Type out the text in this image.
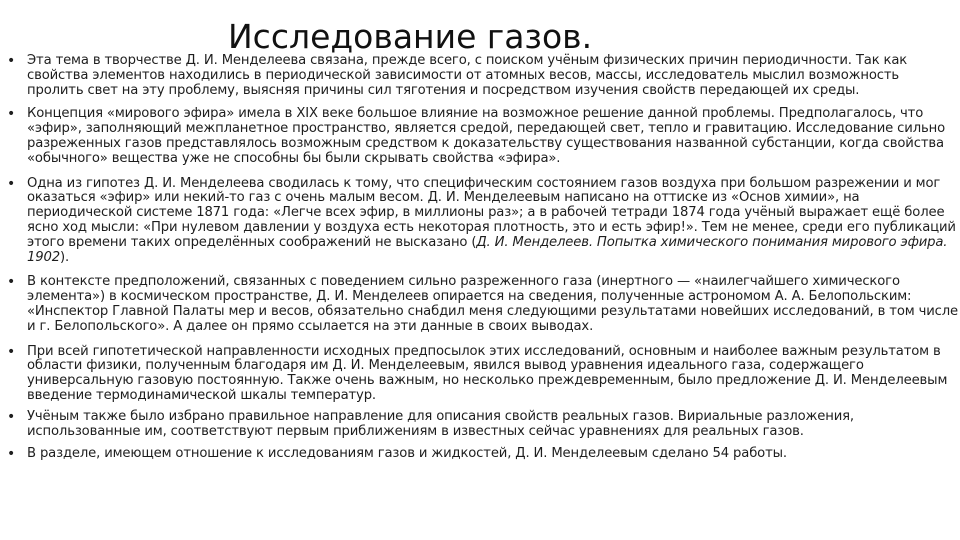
Исследование газов.
• Эта тема в творчестве Д. И. Менделеева связана, прежде всего, с поиском учёным физических причин периодичности. Так как свойства элементов находились в периодической зависимости от атомных весов, массы, исследователь мыслил возможность пролить свет на эту проблему, выясняя причины сил тяготения и посредством изучения свойств передающей их среды.
• Концепция «мирового эфира» имела в XIX веке большое влияние на возможное решение данной проблемы. Предполагалось, что «эфир», заполняющий межпланетное пространство, является средой, передающей свет, тепло и гравитацию. Исследование сильно разреженных газов представлялось возможным средством к доказательству существования названной субстанции, когда свойства «обычного» вещества уже не способны бы были скрывать свойства «эфира».
• Одна из гипотез Д. И. Менделеева сводилась к тому, что специфическим состоянием газов воздуха при большом разрежении и мог оказаться «эфир» или некий-то газ с очень малым весом. Д. И. Менделеевым написано на оттиске из «Основ химии», на периодической системе 1871 года: «Легче всех эфир, в миллионы раз»; а в рабочей тетради 1874 года учёный выражает ещё более ясно ход мысли: «При нулевом давлении у воздуха есть некоторая плотность, это и есть эфир!». Тем не менее, среди его публикаций этого времени таких определённых соображений не высказано (Д. И. Менделеев. Попытка химического понимания мирового эфира. 1902).
• В контексте предположений, связанных с поведением сильно разреженного газа (инертного — «наилегчайшего химического элемента») в космическом пространстве, Д. И. Менделеев опирается на сведения, полученные астрономом А. А. Белопольским: «Инспектор Главной Палаты мер и весов, обязательно снабдил меня следующими результатами новейших исследований, в том числе и г. Белопольского». А далее он прямо ссылается на эти данные в своих выводах.
• При всей гипотетической направленности исходных предпосылок этих исследований, основным и наиболее важным результатом в области физики, полученным благодаря им Д. И. Менделеевым, явился вывод уравнения идеального газа, содержащего универсальную газовую постоянную. Также очень важным, но несколько преждевременным, было предложение Д. И. Менделеевым введение термодинамической шкалы температур.
• Учёным также было избрано правильное направление для описания свойств реальных газов. Вириальные разложения, использованные им, соответствуют первым приближениям в известных сейчас уравнениях для реальных газов.
• В разделе, имеющем отношение к исследованиям газов и жидкостей, Д. И. Менделеевым сделано 54 работы.
